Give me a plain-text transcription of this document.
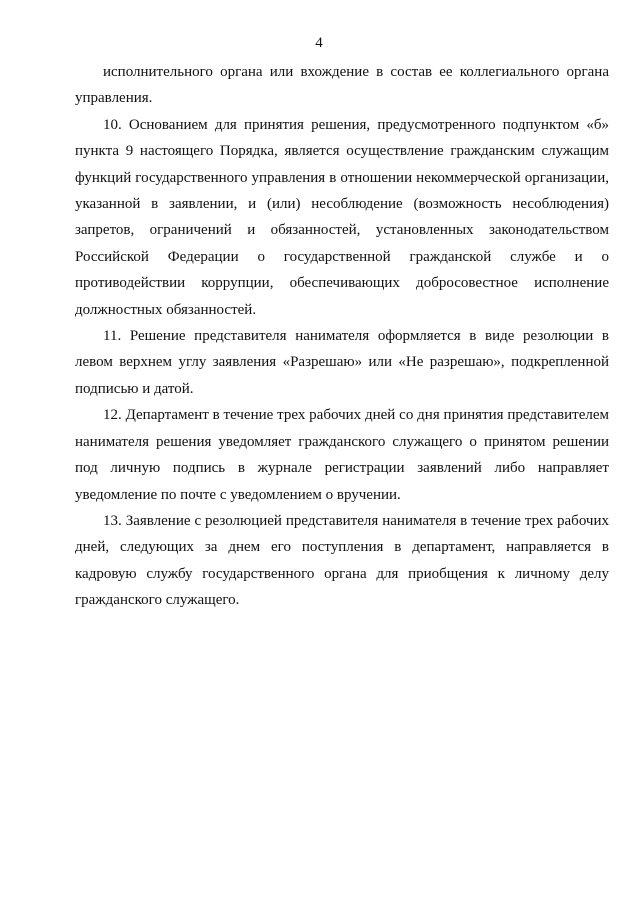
4

исполнительного органа или вхождение в состав ее коллегиального органа управления.

10. Основанием для принятия решения, предусмотренного подпунктом «б» пункта 9 настоящего Порядка, является осуществление гражданским служащим функций государственного управления в отношении некоммерческой организации, указанной в заявлении, и (или) несоблюдение (возможность несоблюдения) запретов, ограничений и обязанностей, установленных законодательством Российской Федерации о государственной гражданской службе и о противодействии коррупции, обеспечивающих добросовестное исполнение должностных обязанностей.

11. Решение представителя нанимателя оформляется в виде резолюции в левом верхнем углу заявления «Разрешаю» или «Не разрешаю», подкрепленной подписью и датой.

12. Департамент в течение трех рабочих дней со дня принятия представителем нанимателя решения уведомляет гражданского служащего о принятом решении под личную подпись в журнале регистрации заявлений либо направляет уведомление по почте с уведомлением о вручении.

13. Заявление с резолюцией представителя нанимателя в течение трех рабочих дней, следующих за днем его поступления в департамент, направляется в кадровую службу государственного органа для приобщения к личному делу гражданского служащего.
